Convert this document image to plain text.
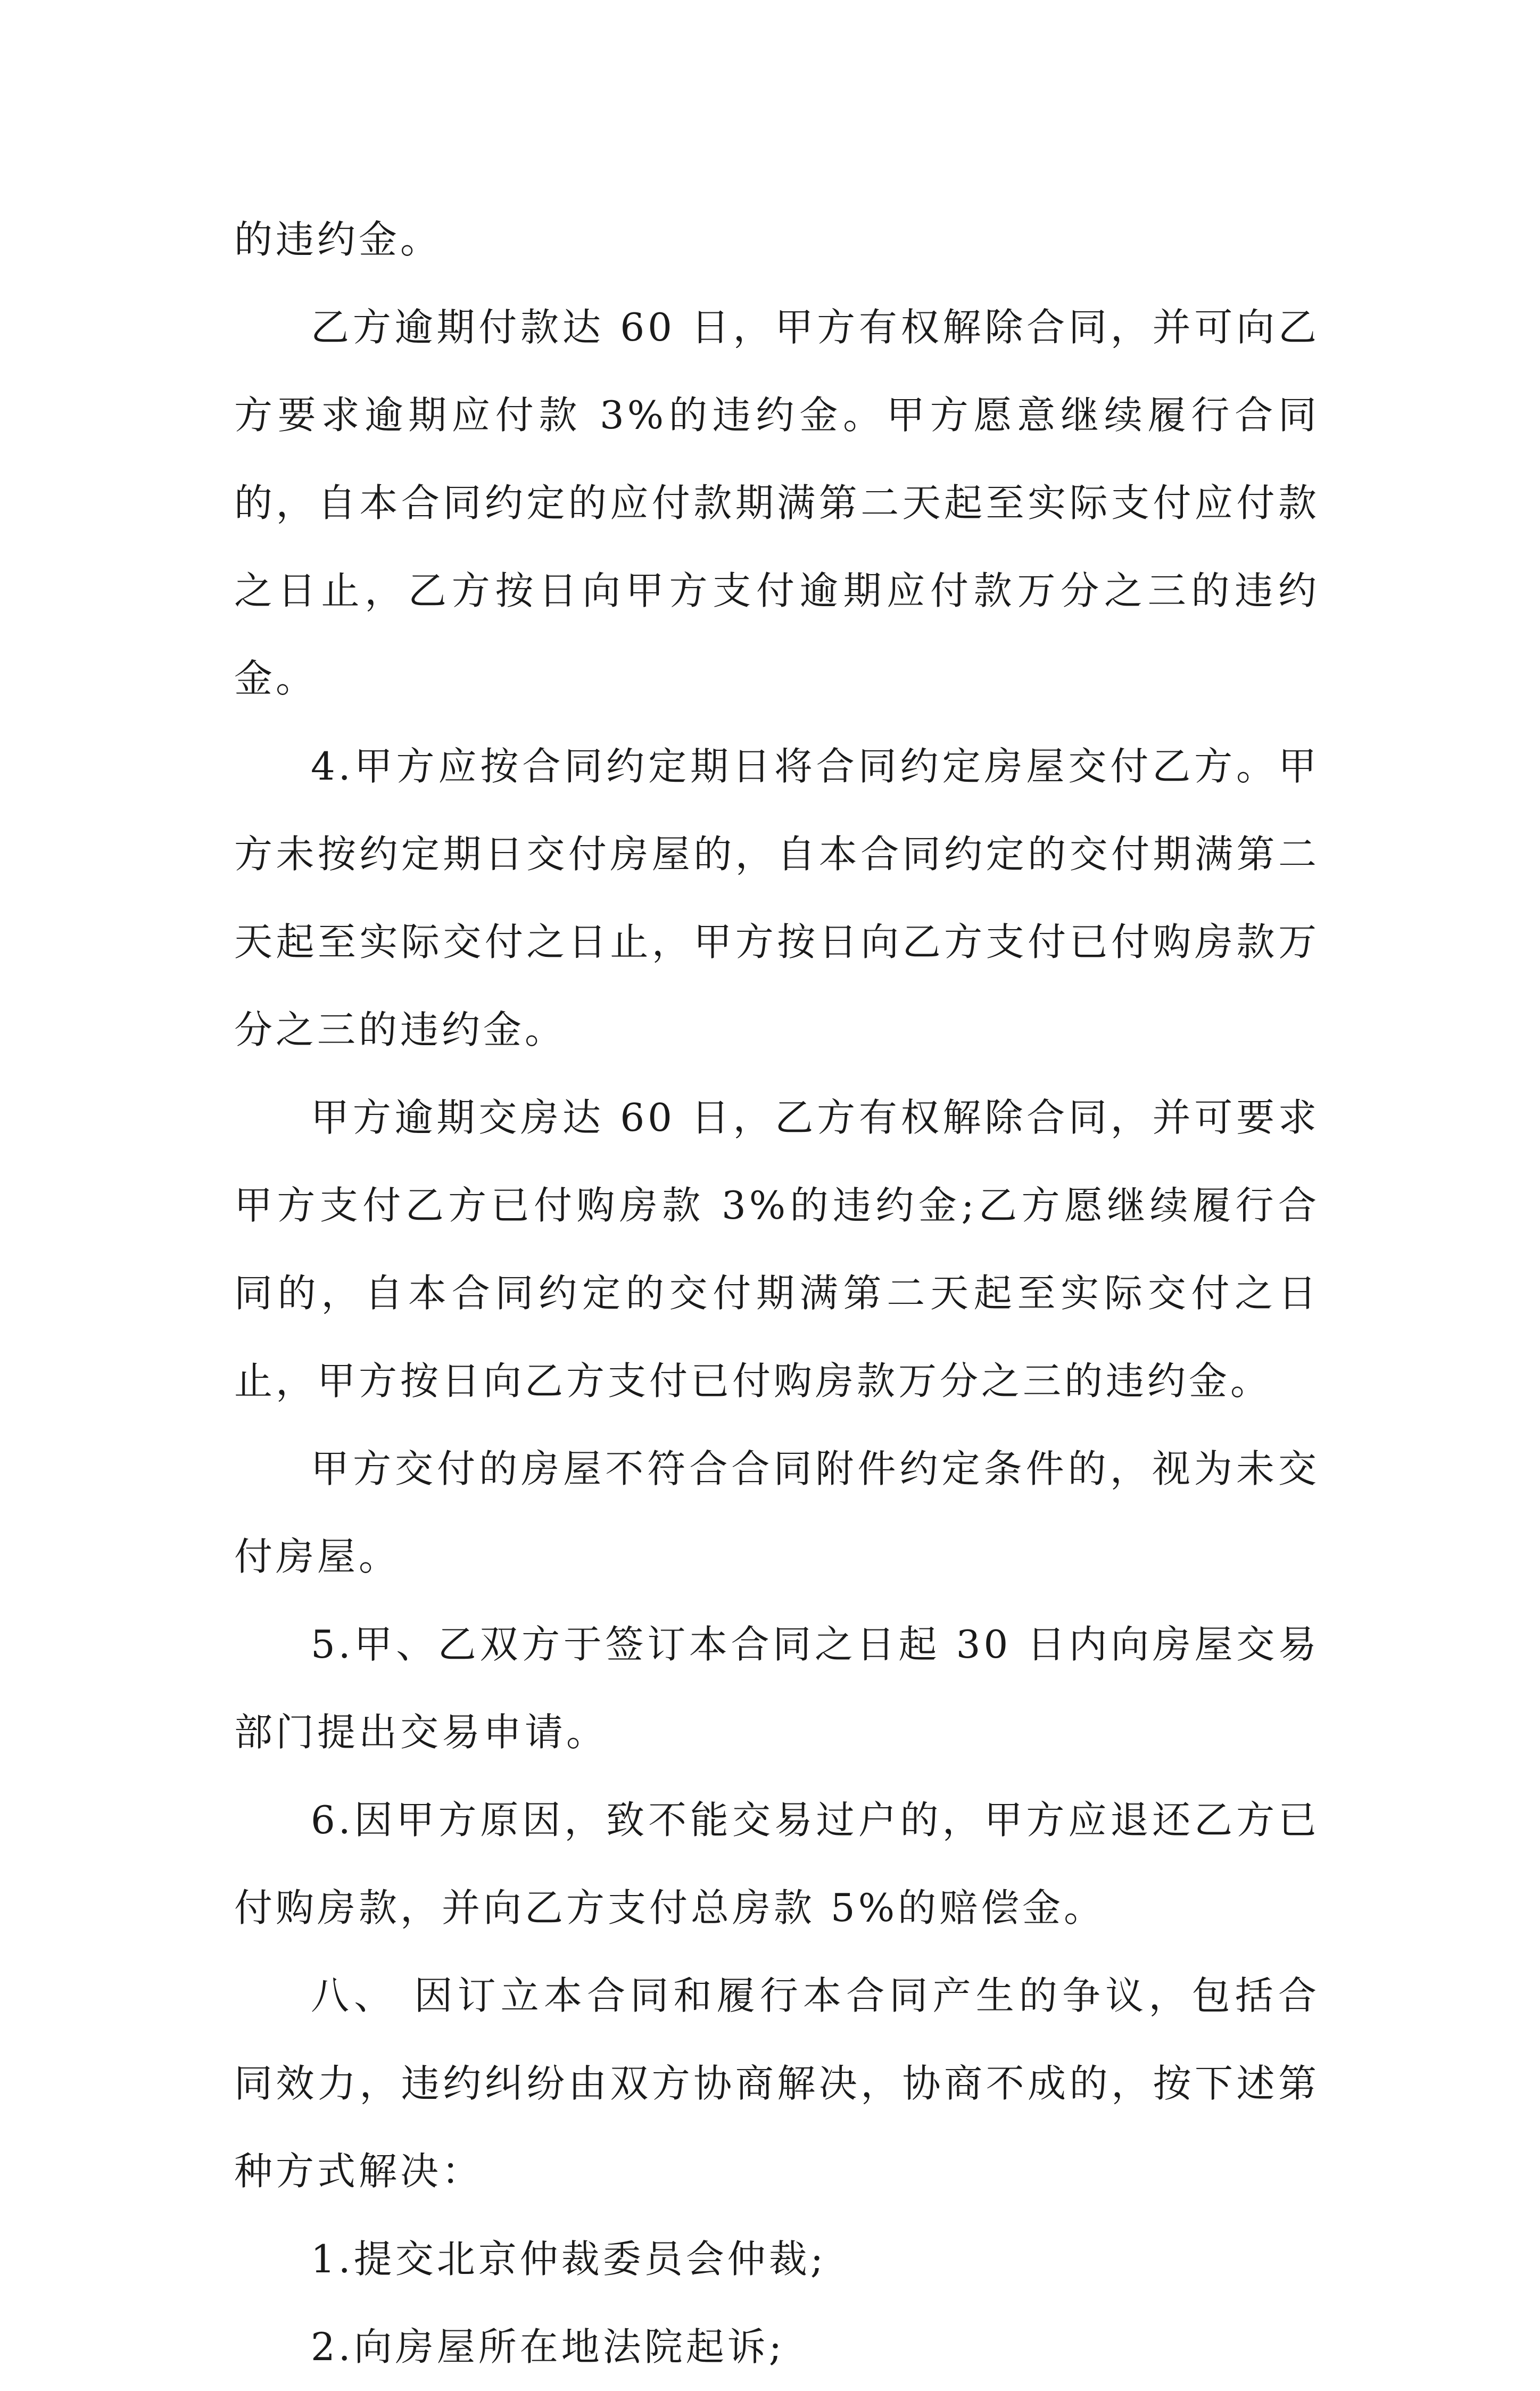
的违约金。

乙方逾期付款达 60 日，甲方有权解除合同，并可向乙方要求逾期应付款 3%的违约金。甲方愿意继续履行合同的，自本合同约定的应付款期满第二天起至实际支付应付款之日止，乙方按日向甲方支付逾期应付款万分之三的违约金。

4.甲方应按合同约定期日将合同约定房屋交付乙方。甲方未按约定期日交付房屋的，自本合同约定的交付期满第二天起至实际交付之日止，甲方按日向乙方支付已付购房款万分之三的违约金。

甲方逾期交房达 60 日，乙方有权解除合同，并可要求甲方支付乙方已付购房款 3%的违约金;乙方愿继续履行合同的，自本合同约定的交付期满第二天起至实际交付之日止，甲方按日向乙方支付已付购房款万分之三的违约金。

甲方交付的房屋不符合合同附件约定条件的，视为未交付房屋。

5.甲、乙双方于签订本合同之日起 30 日内向房屋交易部门提出交易申请。

6.因甲方原因，致不能交易过户的，甲方应退还乙方已付购房款，并向乙方支付总房款 5%的赔偿金。

八、 因订立本合同和履行本合同产生的争议，包括合同效力，违约纠纷由双方协商解决，协商不成的，按下述第种方式解决：

1.提交北京仲裁委员会仲裁;

2.向房屋所在地法院起诉;
